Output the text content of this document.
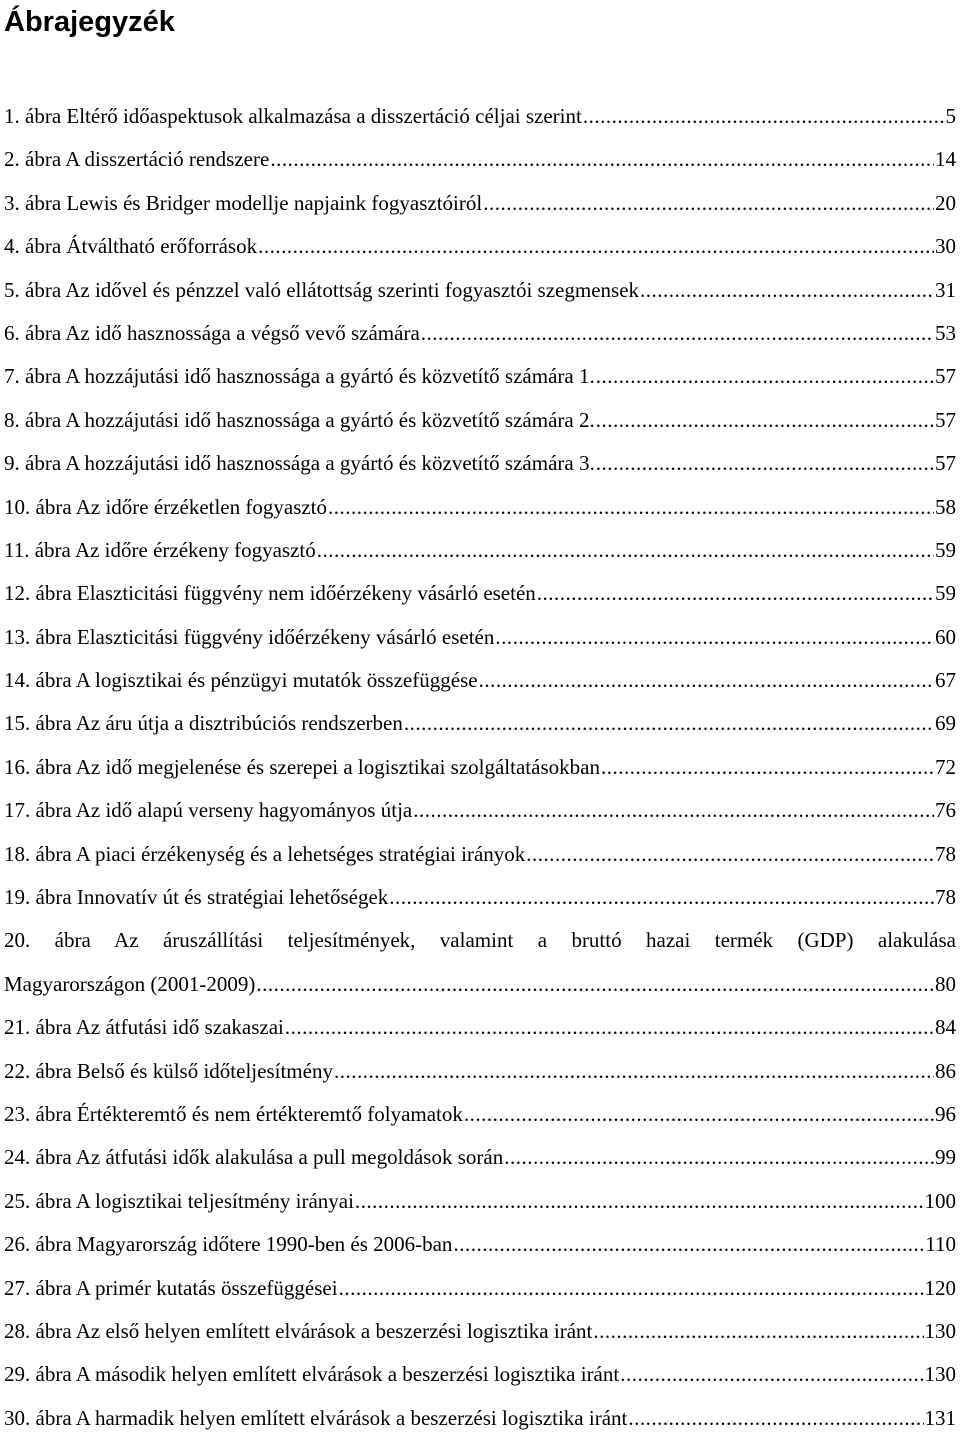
Ábrajegyzék
1. ábra Eltérő időaspektusok alkalmazása a disszertáció céljai szerint .....	5
2. ábra A disszertáció rendszere .....	14
3. ábra Lewis és Bridger modellje napjaink fogyasztóiról .....	20
4. ábra Átváltható erőforrások .....	30
5. ábra Az idővel és pénzzel való ellátottság szerinti fogyasztói szegmensek .....	31
6. ábra Az idő hasznossága a végső vevő számára .....	53
7. ábra A hozzájutási idő hasznossága a gyártó és közvetítő számára 1. .....	57
8. ábra A hozzájutási idő hasznossága a gyártó és közvetítő számára 2. .....	57
9. ábra A hozzájutási idő hasznossága a gyártó és közvetítő számára 3. .....	57
10. ábra Az időre érzéketlen fogyasztó .....	58
11. ábra Az időre érzékeny fogyasztó .....	59
12. ábra Elaszticitási függvény nem időérzékeny vásárló esetén .....	59
13. ábra Elaszticitási függvény időérzékeny vásárló esetén .....	60
14. ábra A logisztikai és pénzügyi mutatók összefüggése .....	67
15. ábra Az áru útja a disztribúciós rendszerben .....	69
16. ábra Az idő megjelenése és szerepei a logisztikai szolgáltatásokban .....	72
17. ábra Az idő alapú verseny hagyományos útja .....	76
18. ábra A piaci érzékenység és a lehetséges stratégiai irányok .....	78
19. ábra Innovatív út és stratégiai lehetőségek .....	78
20. ábra Az áruszállítási teljesítmények, valamint a bruttó hazai termék (GDP) alakulása
Magyarországon (2001-2009) .....	80
21. ábra Az átfutási idő szakaszai .....	84
22. ábra Belső és külső időteljesítmény .....	86
23. ábra Értékteremtő és nem értékteremtő folyamatok .....	96
24. ábra Az átfutási idők alakulása a pull megoldások során .....	99
25. ábra A logisztikai teljesítmény irányai .....	100
26. ábra Magyarország időtere 1990-ben és 2006-ban .....	110
27. ábra A primér kutatás összefüggései .....	120
28. ábra Az első helyen említett elvárások a beszerzési logisztika iránt .....	130
29. ábra A második helyen említett elvárások a beszerzési logisztika iránt .....	130
30. ábra A harmadik helyen említett elvárások a beszerzési logisztika iránt .....	131
